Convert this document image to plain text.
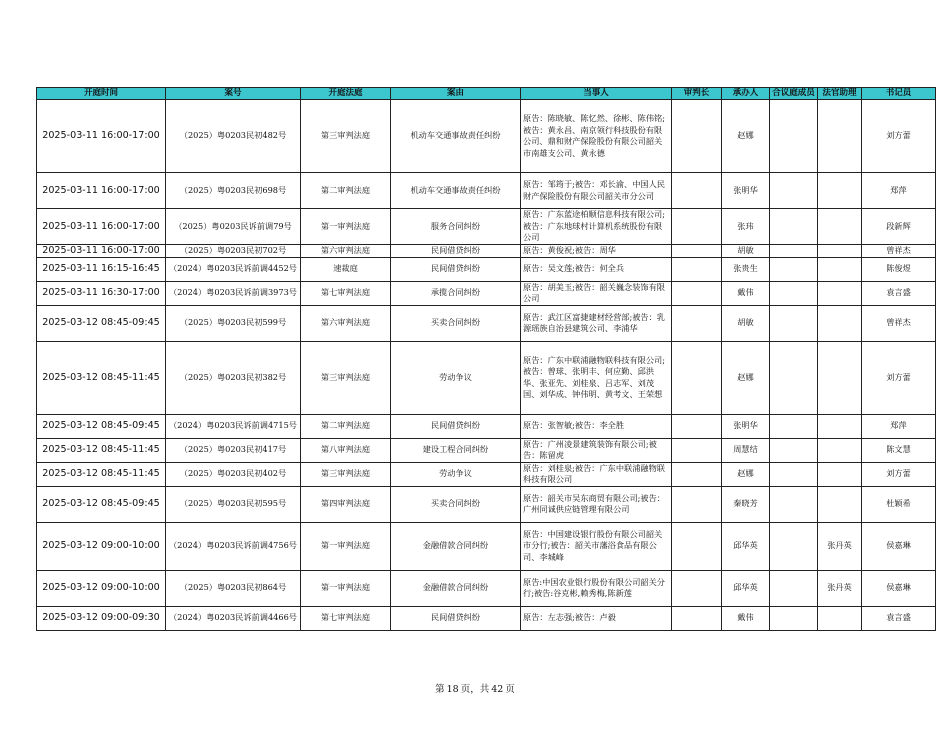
开庭时间	案号	开庭法庭	案由	当事人	审判长	承办人	合议庭成员	法官助理	书记员
2025-03-11 16:00-17:00	（2025）粤0203民初482号	第三审判法庭	机动车交通事故责任纠纷	原告：陈晓敏、陈忆然、徐彬、陈伟铭;被告：黄永昌、南京领行科技股份有限公司、鼎和财产保险股份有限公司韶关市南雄支公司、黄永德		赵娜			刘方蕾
2025-03-11 16:00-17:00	（2025）粤0203民初698号	第二审判法庭	机动车交通事故责任纠纷	原告：邹筠于;被告：邓长渝、中国人民财产保险股份有限公司韶关市分公司		张明华			郑萍
2025-03-11 16:00-17:00	（2025）粤0203民诉前调79号	第一审判法庭	服务合同纠纷	原告：广东蓝途柏顺信息科技有限公司;被告：广东地球村计算机系统股份有限公司		张玮			段新辉
2025-03-11 16:00-17:00	（2025）粤0203民初702号	第六审判法庭	民间借贷纠纷	原告：黄俊祝;被告：周华		胡敏			曾祥杰
2025-03-11 16:15-16:45	（2024）粤0203民诉前调4452号	速裁庭	民间借贷纠纷	原告：吴文莲;被告：何全兵		张贵生			陈俊煜
2025-03-11 16:30-17:00	（2024）粤0203民诉前调3973号	第七审判法庭	承揽合同纠纷	原告：胡美玉;被告：韶关巍念装饰有限公司		戴伟			袁言盛
2025-03-12 08:45-09:45	（2025）粤0203民初599号	第六审判法庭	买卖合同纠纷	原告：武江区富捷建材经营部;被告：乳源瑶族自治县建筑公司、李浦华		胡敏			曾祥杰
2025-03-12 08:45-11:45	（2025）粤0203民初382号	第三审判法庭	劳动争议	原告：广东中联浦融物联科技有限公司;被告：曾球、张明丰、何应勤、邱洪华、张亚先、刘桂泉、吕志军、刘茂国、刘华成、钟伟明、黄考文、王荣想		赵娜			刘方蕾
2025-03-12 08:45-09:45	（2024）粤0203民诉前调4715号	第二审判法庭	民间借贷纠纷	原告：张智敏;被告：李全胜		张明华			郑萍
2025-03-12 08:45-11:45	（2025）粤0203民初417号	第八审判法庭	建设工程合同纠纷	原告：广州凌景建筑装饰有限公司;被告：陈留虎		周慧结			陈文慧
2025-03-12 08:45-11:45	（2025）粤0203民初402号	第三审判法庭	劳动争议	原告：刘桂泉;被告：广东中联浦融物联科技有限公司		赵娜			刘方蕾
2025-03-12 08:45-09:45	（2025）粤0203民初595号	第四审判法庭	买卖合同纠纷	原告：韶关市吴东商贸有限公司;被告：广州同诚供应链管理有限公司		秦晓芳			杜颖希
2025-03-12 09:00-10:00	（2024）粤0203民诉前调4756号	第一审判法庭	金融借款合同纠纷	原告：中国建设银行股份有限公司韶关市分行;被告：韶关市藩浴食品有限公司、李城峰		邱华英		张丹英	侯嘉琳
2025-03-12 09:00-10:00	（2025）粤0203民初864号	第一审判法庭	金融借款合同纠纷	原告:中国农业银行股份有限公司韶关分行;被告:谷克彬,赖秀梅,陈新莲		邱华英		张丹英	侯嘉琳
2025-03-12 09:00-09:30	（2024）粤0203民诉前调4466号	第七审判法庭	民间借贷纠纷	原告：左志强;被告：卢毅		戴伟			袁言盛
第 18 页，共 42 页
